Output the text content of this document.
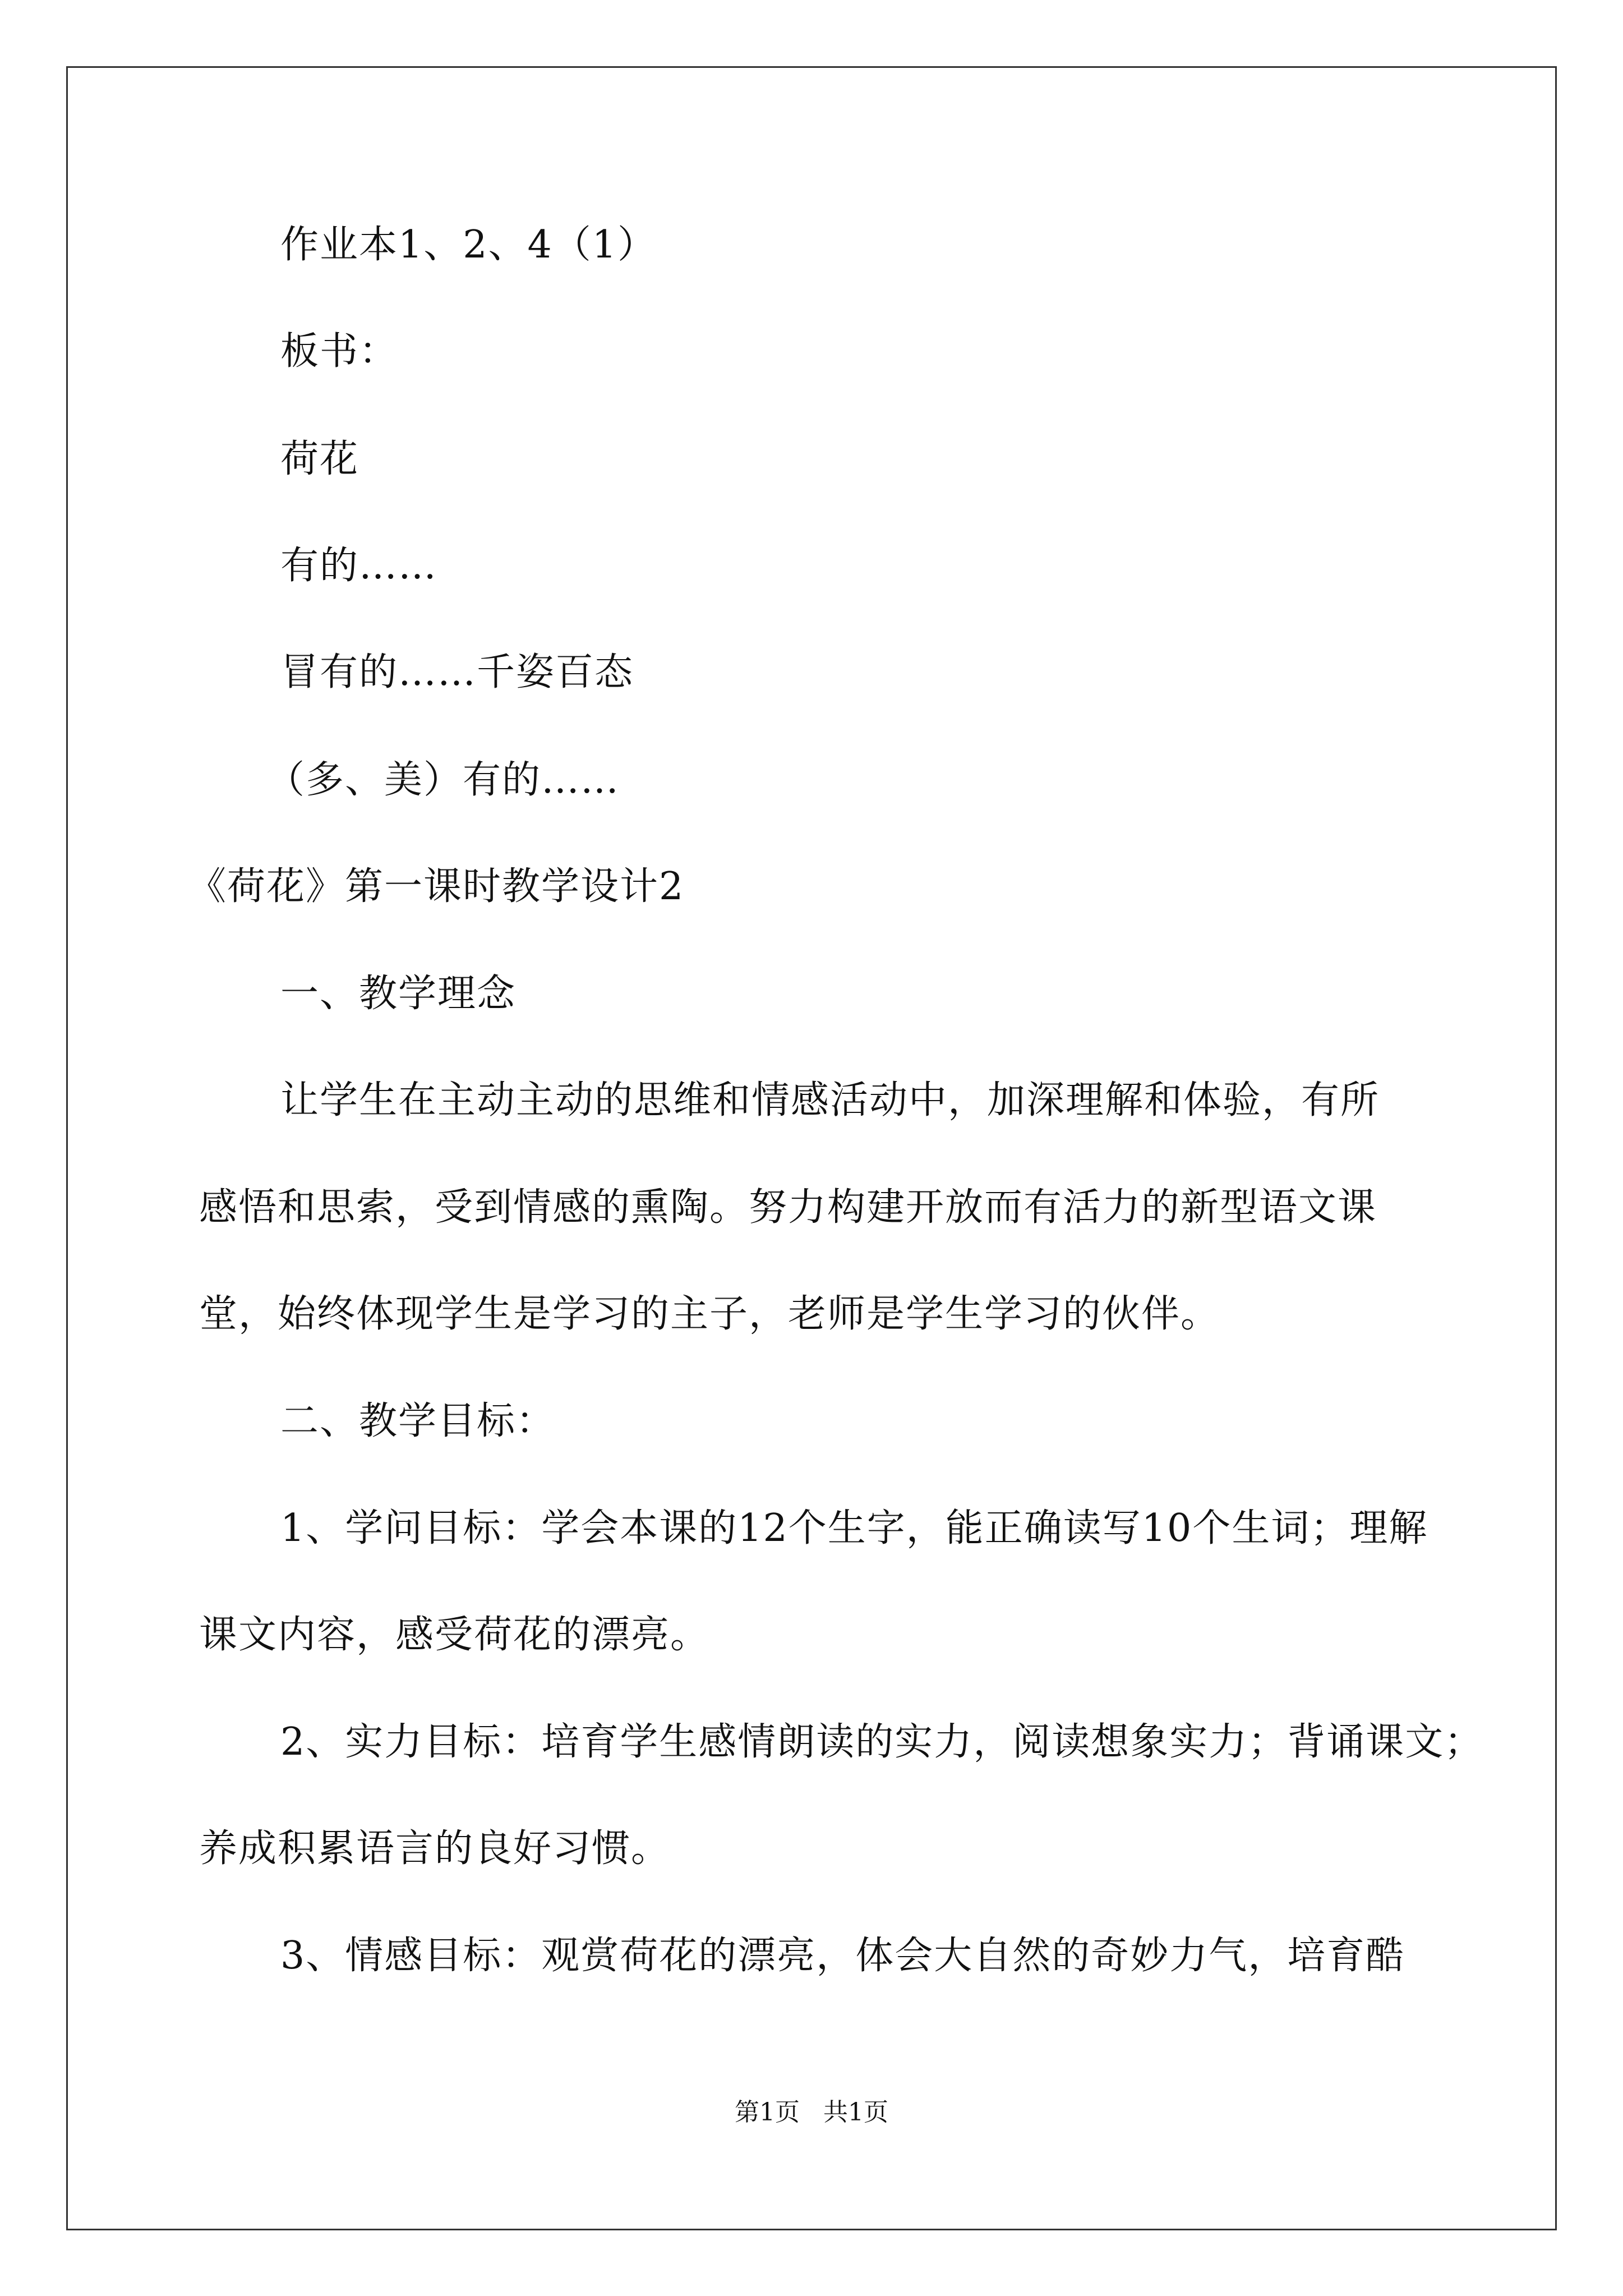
作业本1、2、4（1）
板书：
荷花
有的……
冒有的……千姿百态
（多、美）有的……
《荷花》第一课时教学设计2
一、教学理念
让学生在主动主动的思维和情感活动中，加深理解和体验，有所
感悟和思索，受到情感的熏陶。努力构建开放而有活力的新型语文课
堂，始终体现学生是学习的主子，老师是学生学习的伙伴。
二、教学目标：
1、学问目标：学会本课的12个生字，能正确读写10个生词；理解
课文内容，感受荷花的漂亮。
2、实力目标：培育学生感情朗读的实力，阅读想象实力；背诵课文；
养成积累语言的良好习惯。
3、情感目标：观赏荷花的漂亮，体会大自然的奇妙力气，培育酷
第1页   共1页
